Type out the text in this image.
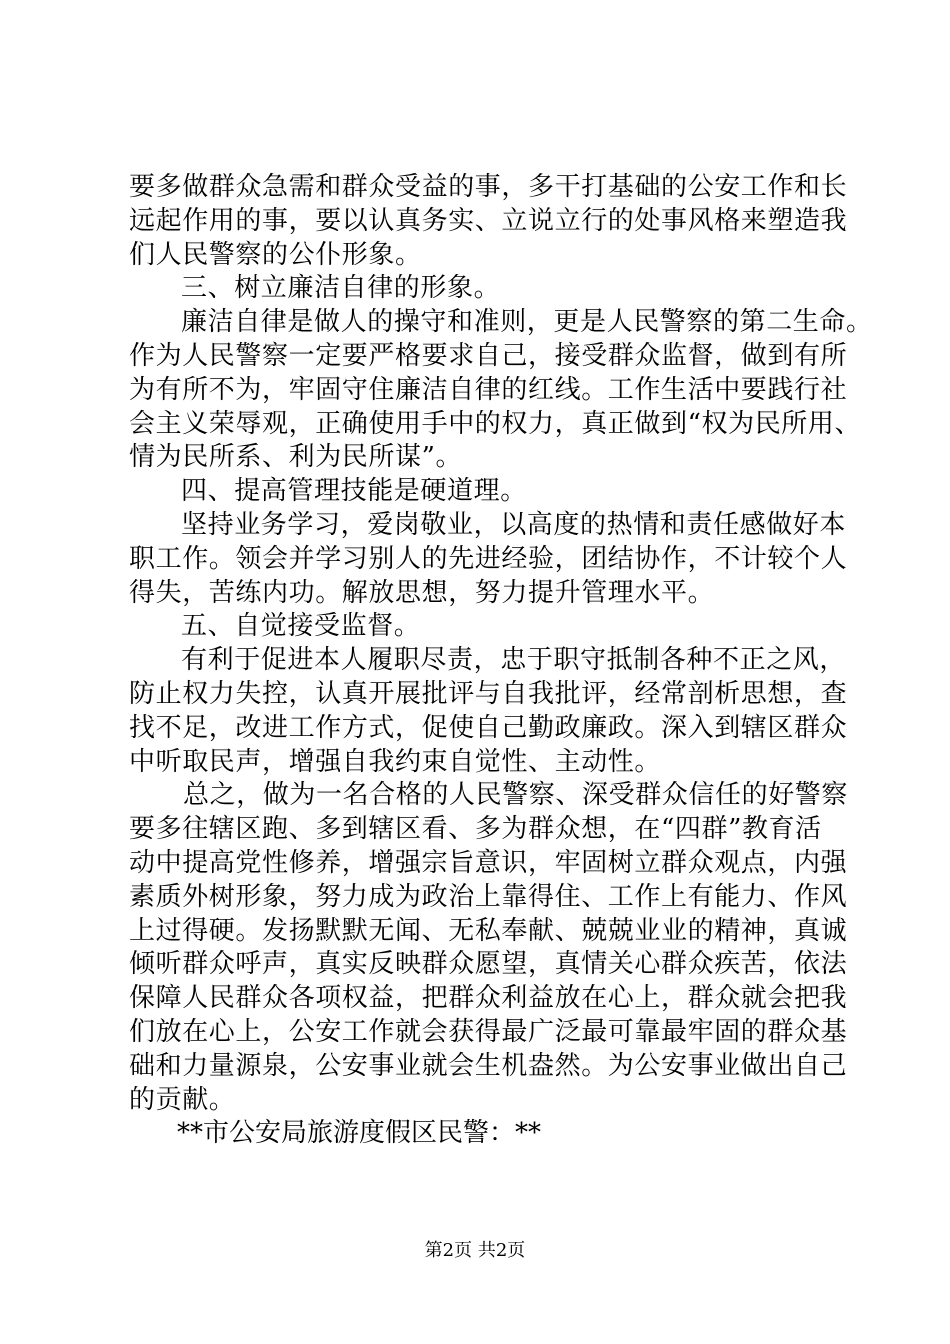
要多做群众急需和群众受益的事，多干打基础的公安工作和长
远起作用的事，要以认真务实、立说立行的处事风格来塑造我
们人民警察的公仆形象。
三、树立廉洁自律的形象。
廉洁自律是做人的操守和准则，更是人民警察的第二生命。
作为人民警察一定要严格要求自己，接受群众监督，做到有所
为有所不为，牢固守住廉洁自律的红线。工作生活中要践行社
会主义荣辱观，正确使用手中的权力，真正做到“权为民所用、
情为民所系、利为民所谋”。
四、提高管理技能是硬道理。
坚持业务学习，爱岗敬业，以高度的热情和责任感做好本
职工作。领会并学习别人的先进经验，团结协作，不计较个人
得失，苦练内功。解放思想，努力提升管理水平。
五、自觉接受监督。
有利于促进本人履职尽责，忠于职守抵制各种不正之风，
防止权力失控，认真开展批评与自我批评，经常剖析思想，查
找不足，改进工作方式，促使自己勤政廉政。深入到辖区群众
中听取民声，增强自我约束自觉性、主动性。
总之，做为一名合格的人民警察、深受群众信任的好警察
要多往辖区跑、多到辖区看、多为群众想，在“四群”教育活
动中提高党性修养，增强宗旨意识，牢固树立群众观点，内强
素质外树形象，努力成为政治上靠得住、工作上有能力、作风
上过得硬。发扬默默无闻、无私奉献、兢兢业业的精神，真诚
倾听群众呼声，真实反映群众愿望，真情关心群众疾苦，依法
保障人民群众各项权益，把群众利益放在心上，群众就会把我
们放在心上，公安工作就会获得最广泛最可靠最牢固的群众基
础和力量源泉，公安事业就会生机盎然。为公安事业做出自己
的贡献。
**市公安局旅游度假区民警：**
第2页 共2页
